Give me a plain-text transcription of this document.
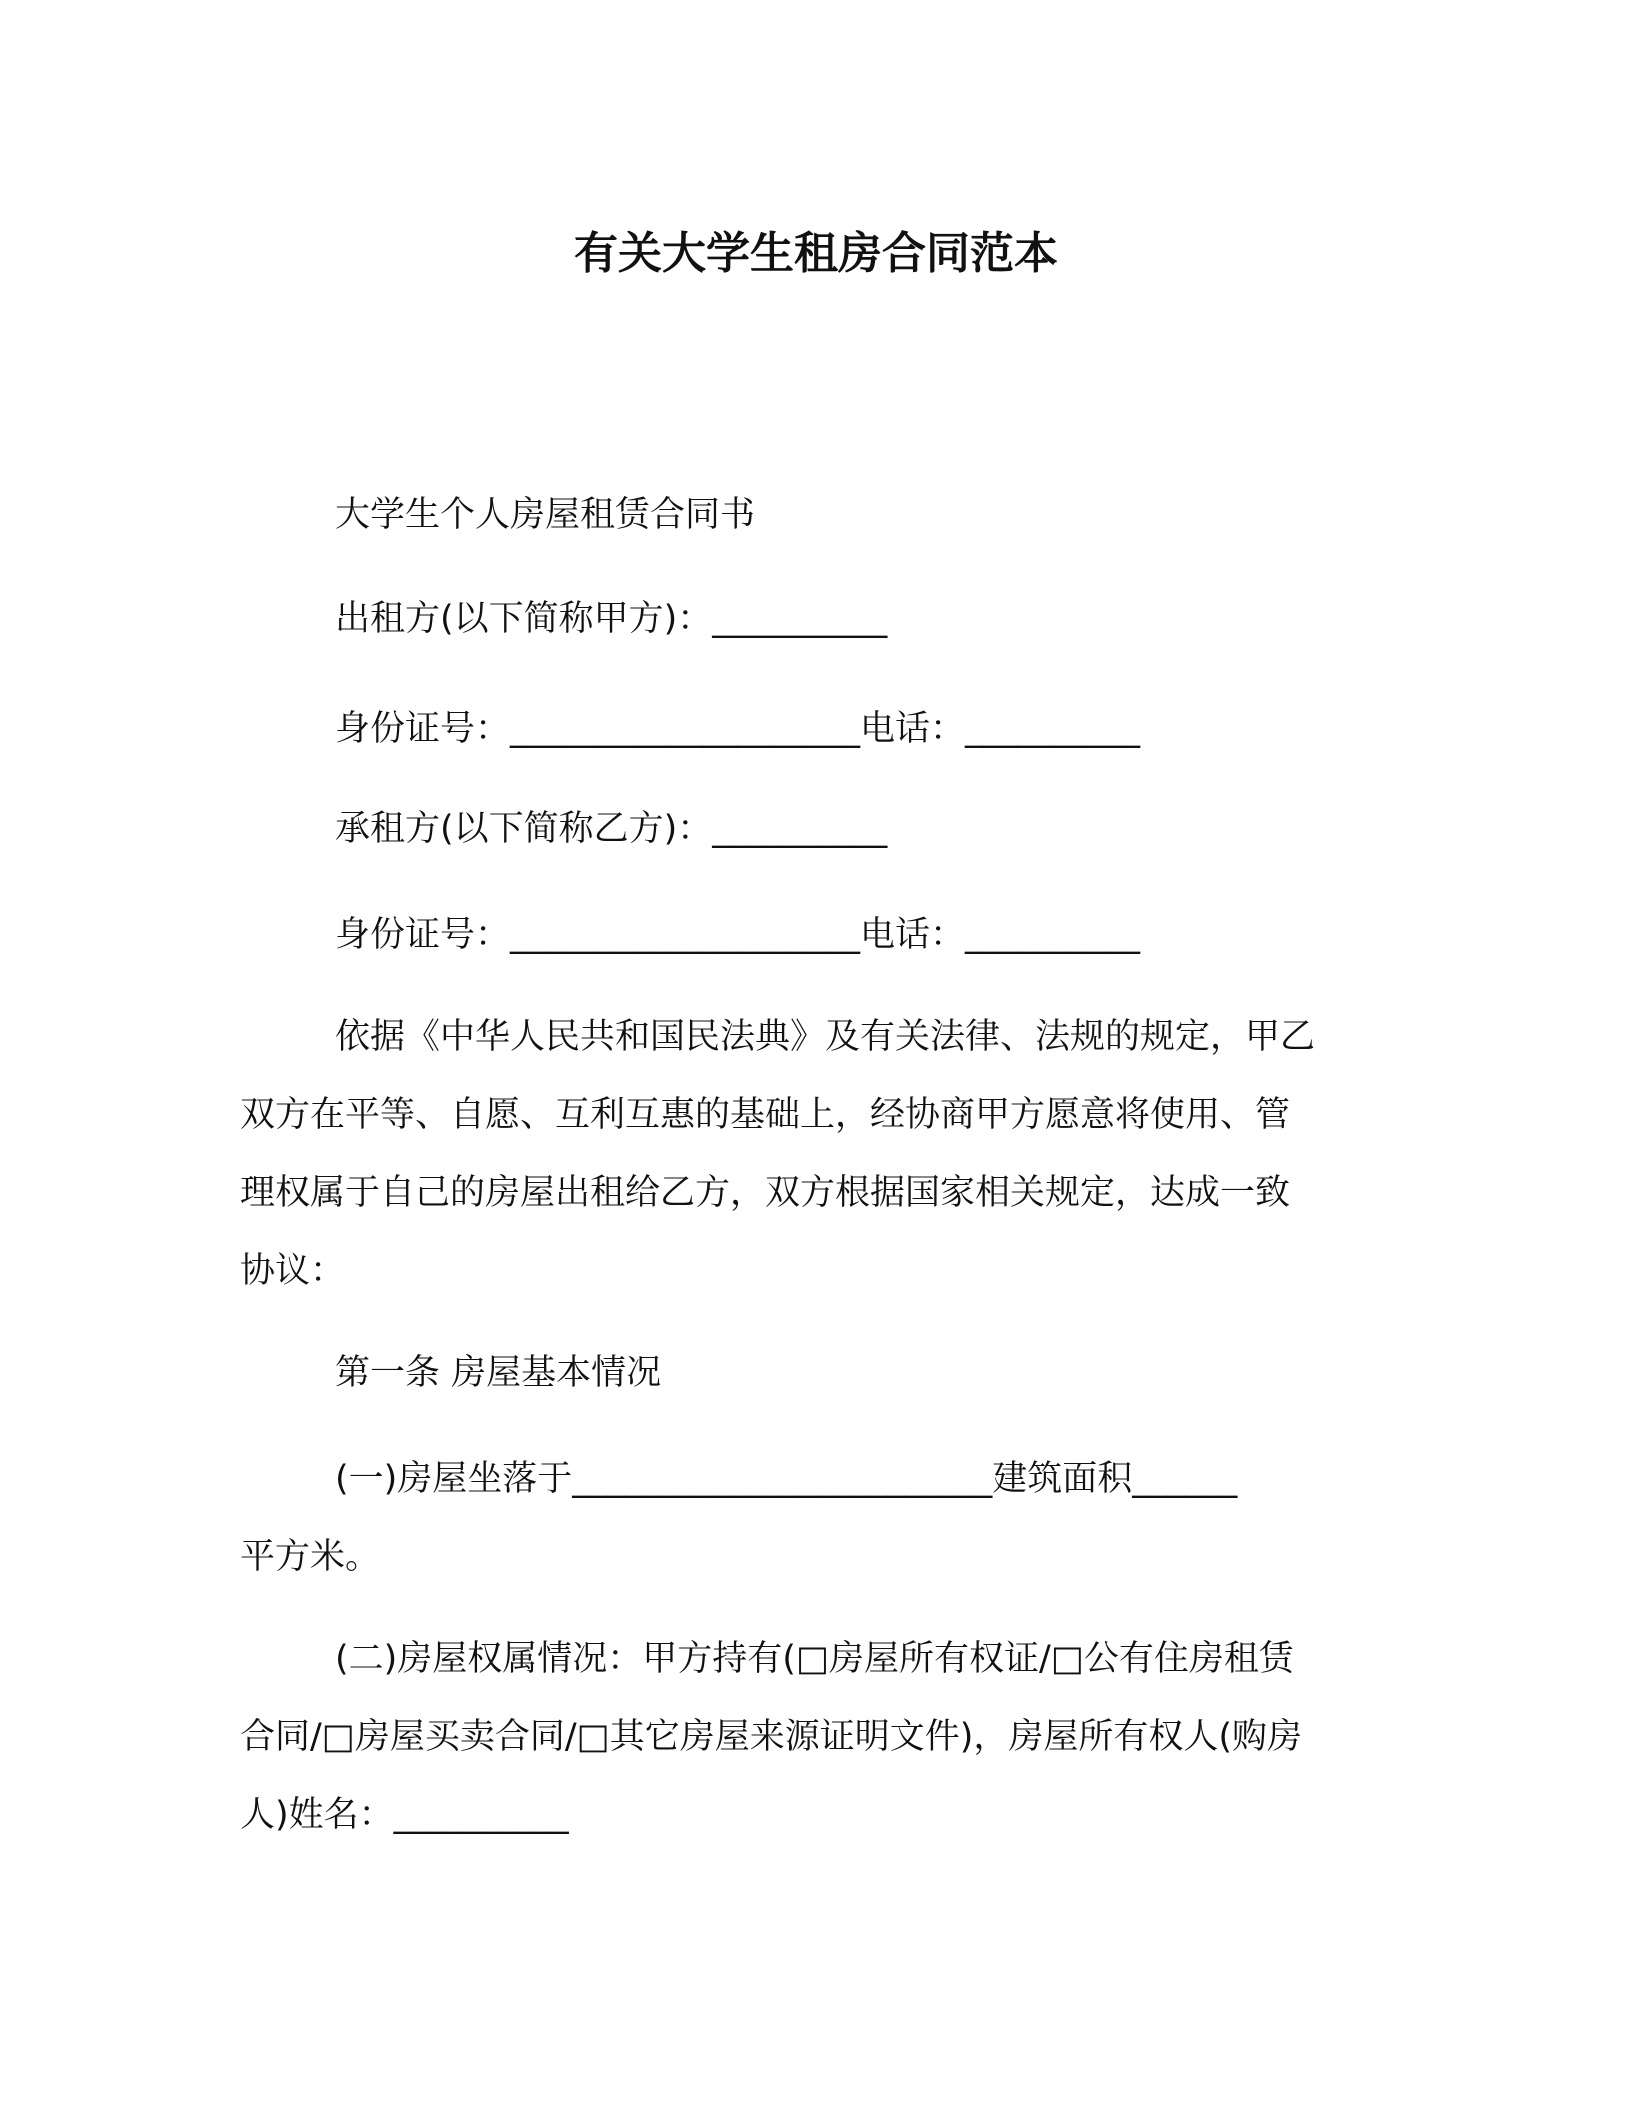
有关大学生租房合同范本
大学生个人房屋租赁合同书
出租方(以下简称甲方)：__________
身份证号：____________________电话：__________
承租方(以下简称乙方)：__________
身份证号：____________________电话：__________
依据《中华人民共和国民法典》及有关法律、法规的规定，甲乙
双方在平等、自愿、互利互惠的基础上，经协商甲方愿意将使用、管
理权属于自己的房屋出租给乙方，双方根据国家相关规定，达成一致
协议：
第一条 房屋基本情况
(一)房屋坐落于________________________建筑面积______
平方米。
(二)房屋权属情况：甲方持有(□房屋所有权证/□公有住房租赁
合同/□房屋买卖合同/□其它房屋来源证明文件)，房屋所有权人(购房
人)姓名：__________
